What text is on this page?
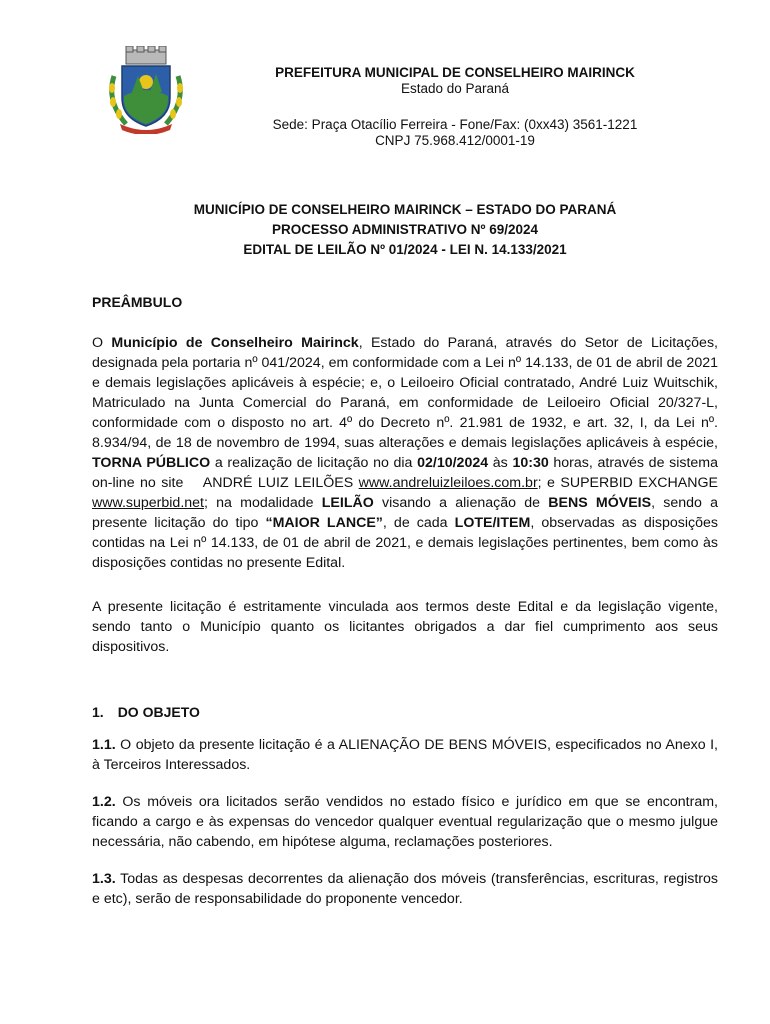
PREFEITURA MUNICIPAL DE CONSELHEIRO MAIRINCK
Estado do Paraná
Sede: Praça Otacílio Ferreira - Fone/Fax: (0xx43) 3561-1221
CNPJ 75.968.412/0001-19
MUNICÍPIO DE CONSELHEIRO MAIRINCK – ESTADO DO PARANÁ
PROCESSO ADMINISTRATIVO Nº 69/2024
EDITAL DE LEILÃO Nº 01/2024 - LEI N. 14.133/2021
PREÂMBULO

O Município de Conselheiro Mairinck, Estado do Paraná, através do Setor de Licitações, designada pela portaria nº 041/2024, em conformidade com a Lei nº 14.133, de 01 de abril de 2021 e demais legislações aplicáveis à espécie; e, o Leiloeiro Oficial contratado, André Luiz Wuitschik, Matriculado na Junta Comercial do Paraná, em conformidade de Leiloeiro Oficial 20/327-L, conformidade com o disposto no art. 4º do Decreto nº. 21.981 de 1932, e art. 32, I, da Lei nº. 8.934/94, de 18 de novembro de 1994, suas alterações e demais legislações aplicáveis à espécie, TORNA PÚBLICO a realização de licitação no dia 02/10/2024 às 10:30 horas, através de sistema on-line no site ANDRÉ LUIZ LEILÕES www.andreluizleiloes.com.br; e SUPERBID EXCHANGE www.superbid.net; na modalidade LEILÃO visando a alienação de BENS MÓVEIS, sendo a presente licitação do tipo “MAIOR LANCE”, de cada LOTE/ITEM, observadas as disposições contidas na Lei nº 14.133, de 01 de abril de 2021, e demais legislações pertinentes, bem como às disposições contidas no presente Edital.

A presente licitação é estritamente vinculada aos termos deste Edital e da legislação vigente, sendo tanto o Município quanto os licitantes obrigados a dar fiel cumprimento aos seus dispositivos.

1. DO OBJETO

1.1. O objeto da presente licitação é a ALIENAÇÃO DE BENS MÓVEIS, especificados no Anexo I, à Terceiros Interessados.

1.2. Os móveis ora licitados serão vendidos no estado físico e jurídico em que se encontram, ficando a cargo e às expensas do vencedor qualquer eventual regularização que o mesmo julgue necessária, não cabendo, em hipótese alguma, reclamações posteriores.

1.3. Todas as despesas decorrentes da alienação dos móveis (transferências, escrituras, registros e etc), serão de responsabilidade do proponente vencedor.
